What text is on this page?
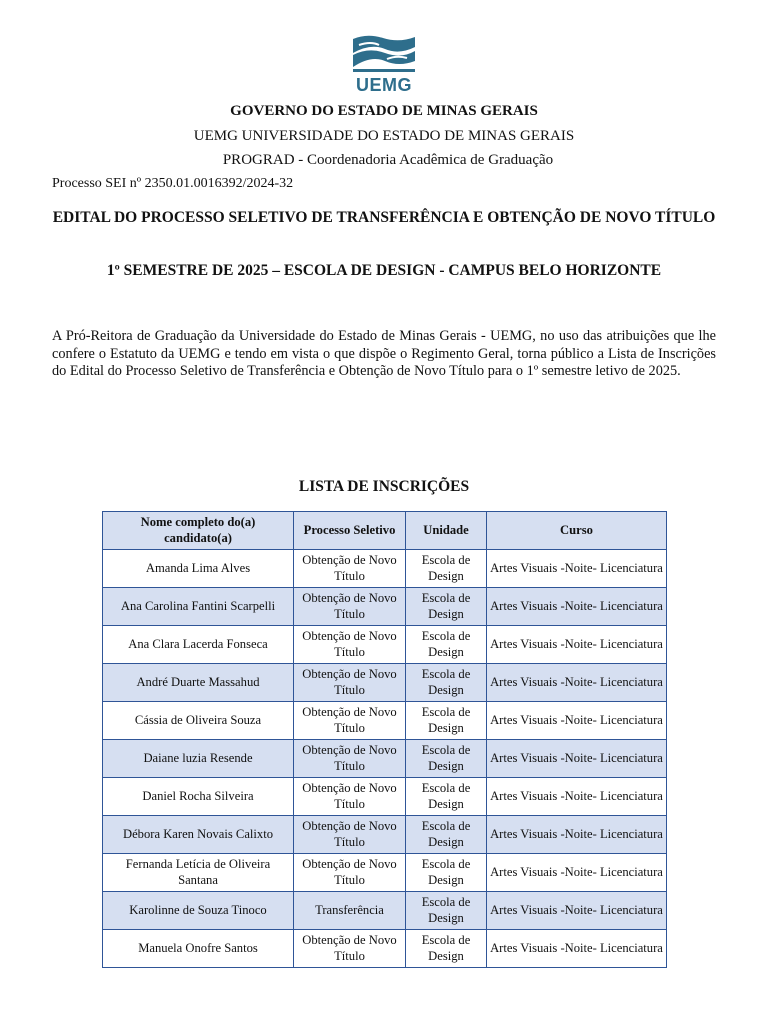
UEMG
GOVERNO DO ESTADO DE MINAS GERAIS
UEMG UNIVERSIDADE DO ESTADO DE MINAS GERAIS
PROGRAD - Coordenadoria Acadêmica de Graduação
Processo SEI nº 2350.01.0016392/2024-32
EDITAL DO PROCESSO SELETIVO DE TRANSFERÊNCIA E OBTENÇÃO DE NOVO TÍTULO
1º SEMESTRE DE 2025 – ESCOLA DE DESIGN - CAMPUS BELO HORIZONTE
A Pró-Reitora de Graduação da Universidade do Estado de Minas Gerais - UEMG, no uso das atribuições que lhe confere o Estatuto da UEMG e tendo em vista o que dispõe o Regimento Geral, torna público a Lista de Inscrições do Edital do Processo Seletivo de Transferência e Obtenção de Novo Título para o 1º semestre letivo de 2025.
LISTA DE INSCRIÇÕES
Nome completo do(a) candidato(a)	Processo Seletivo	Unidade	Curso
Amanda Lima Alves	Obtenção de Novo Título	Escola de Design	Artes Visuais -Noite- Licenciatura
Ana Carolina Fantini Scarpelli	Obtenção de Novo Título	Escola de Design	Artes Visuais -Noite- Licenciatura
Ana Clara Lacerda Fonseca	Obtenção de Novo Título	Escola de Design	Artes Visuais -Noite- Licenciatura
André Duarte Massahud	Obtenção de Novo Título	Escola de Design	Artes Visuais -Noite- Licenciatura
Cássia de Oliveira Souza	Obtenção de Novo Título	Escola de Design	Artes Visuais -Noite- Licenciatura
Daiane luzia Resende	Obtenção de Novo Título	Escola de Design	Artes Visuais -Noite- Licenciatura
Daniel Rocha Silveira	Obtenção de Novo Título	Escola de Design	Artes Visuais -Noite- Licenciatura
Débora Karen Novais Calixto	Obtenção de Novo Título	Escola de Design	Artes Visuais -Noite- Licenciatura
Fernanda Letícia de Oliveira Santana	Obtenção de Novo Título	Escola de Design	Artes Visuais -Noite- Licenciatura
Karolinne de Souza Tinoco	Transferência	Escola de Design	Artes Visuais -Noite- Licenciatura
Manuela Onofre Santos	Obtenção de Novo Título	Escola de Design	Artes Visuais -Noite- Licenciatura
